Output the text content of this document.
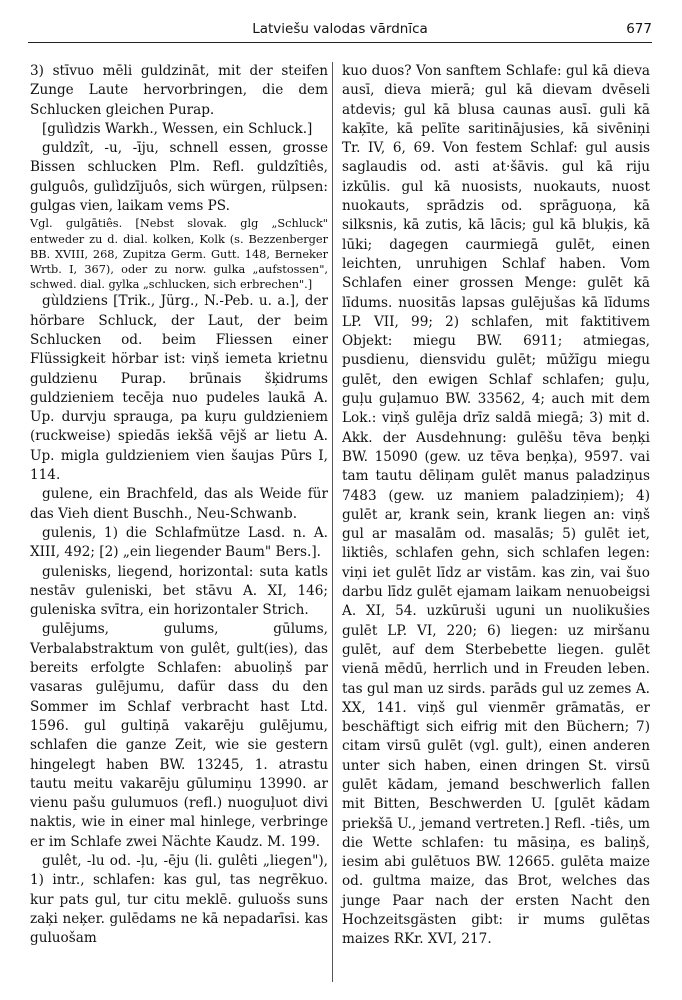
Latviešu valodas vārdnīca	677

3) stīvuo mēli guldzināt, mit der steifen Zunge Laute hervorbringen, die dem Schlucken gleichen Purap.

[gulìdzis Warkh., Wessen, ein Schluck.]

guldzît, -u, -īju, schnell essen, grosse Bissen schlucken Plm. Refl. guldzîtiês, gulguôs, gulìdzījuôs, sich würgen, rülpsen: gulgas vien, laikam vems PS.

Vgl. gulgātiês. [Nebst slovak. glg „Schluck" entweder zu d. dial. kolken, Kolk (s. Bezzenberger BB. XVIII, 268, Zupitza Germ. Gutt. 148, Berneker Wrtb. I, 367), oder zu norw. gulka „aufstossen", schwed. dial. gylka „schlucken, sich erbrechen".]

gùldziens [Trik., Jürg., N.-Peb. u. a.], der hörbare Schluck, der Laut, der beim Schlucken od. beim Fliessen einer Flüssigkeit hörbar ist: viņš iemeta krietnu guldzienu Purap. brūnais šķidrums guldzieniem tecēja nuo pudeles laukā A. Up. durvju sprauga, pa kuŗu guldzieniem (ruckweise) spiedās iekšā vējš ar lietu A. Up. migla guldzieniem vien šaujas Pūrs I, 114.

gulene, ein Brachfeld, das als Weide für das Vieh dient Buschh., Neu-Schwanb.

gulenis, 1) die Schlafmütze Lasd. n. A. XIII, 492; [2) „ein liegender Baum" Bers.].

gulenisks, liegend, horizontal: suta katls nestāv guleniski, bet stāvu A. XI, 146; guleniska svītra, ein horizontaler Strich.

gulējums, gulums, gūlums, Verbalabstraktum von gulêt, gult(ies), das bereits erfolgte Schlafen: abuoliņš par vasaras gulējumu, dafür dass du den Sommer im Schlaf verbracht hast Ltd. 1596. gul gultiņā vakarēju gulējumu, schlafen die ganze Zeit, wie sie gestern hingelegt haben BW. 13245, 1. atrastu tautu meitu vakarēju gūlumiņu 13990. ar vienu pašu gulumuos (refl.) nuoguļuot divi naktis, wie in einer mal hinlege, verbringe er im Schlafe zwei Nächte Kaudz. M. 199.

gulêt, -lu od. -ļu, -ēju (li. gulêti „liegen"), 1) intr., schlafen: kas gul, tas negrēkuo. kur pats gul, tur citu meklē. guluošs suns zaķi neķer. gulēdams ne kā nepadarīsi. kas guluošam

kuo duos? Von sanftem Schlafe: gul kā dieva ausī, dieva mierā; gul kā dievam dvēseli atdevis; gul kā blusa caunas ausī. guli kā kaķīte, kā pelīte saritinājusies, kā sivēniņi Tr. IV, 6, 69. Von festem Schlaf: gul ausis saglaudis od. asti at·šāvis. gul kā riju izkūlis. gul kā nuosists, nuokauts, nuost nuokauts, sprādzis od. sprāguoņa, kā silksnis, kā zutis, kā lācis; gul kā bluķis, kā lūki; dagegen caurmiegā gulēt, einen leichten, unruhigen Schlaf haben. Vom Schlafen einer grossen Menge: gulēt kā līdums. nuositās lapsas gulējušas kā līdums LP. VII, 99; 2) schlafen, mit faktitivem Objekt: miegu BW. 6911; atmiegas, pusdienu, diensvidu gulēt; mūžīgu miegu gulēt, den ewigen Schlaf schlafen; guļu, guļu guļamuo BW. 33562, 4; auch mit dem Lok.: viņš gulēja drīz saldā miegā; 3) mit d. Akk. der Ausdehnung: gulēšu tēva beņķi BW. 15090 (gew. uz tēva beņķa), 9597. vai tam tautu dēliņam gulēt manus paladziņus 7483 (gew. uz maniem paladziņiem); 4) gulēt ar, krank sein, krank liegen an: viņš gul ar masalām od. masalās; 5) gulēt iet, liktiês, schlafen gehn, sich schlafen legen: viņi iet gulēt līdz ar vistām. kas zin, vai šuo darbu līdz gulēt ejamam laikam nenuobeigsi A. XI, 54. uzkūruši uguni un nuolikušies gulēt LP. VI, 220; 6) liegen: uz miršanu gulēt, auf dem Sterbebette liegen. gulēt vienā mēdū, herrlich und in Freuden leben. tas gul man uz sirds. parāds gul uz zemes A. XX, 141. viņš gul vienmēr grāmatās, er beschäftigt sich eifrig mit den Büchern; 7) citam virsū gulēt (vgl. gult), einen anderen unter sich haben, einen dringen St. virsū gulēt kādam, jemand beschwerlich fallen mit Bitten, Beschwerden U. [gulēt kādam priekšā U., jemand vertreten.] Refl. -tiês, um die Wette schlafen: tu māsiņa, es baliņš, iesim abi gulētuos BW. 12665. gulēta maize od. gultma maize, das Brot, welches das junge Paar nach der ersten Nacht den Hochzeitsgästen gibt: ir mums gulētas maizes RKr. XVI, 217.
